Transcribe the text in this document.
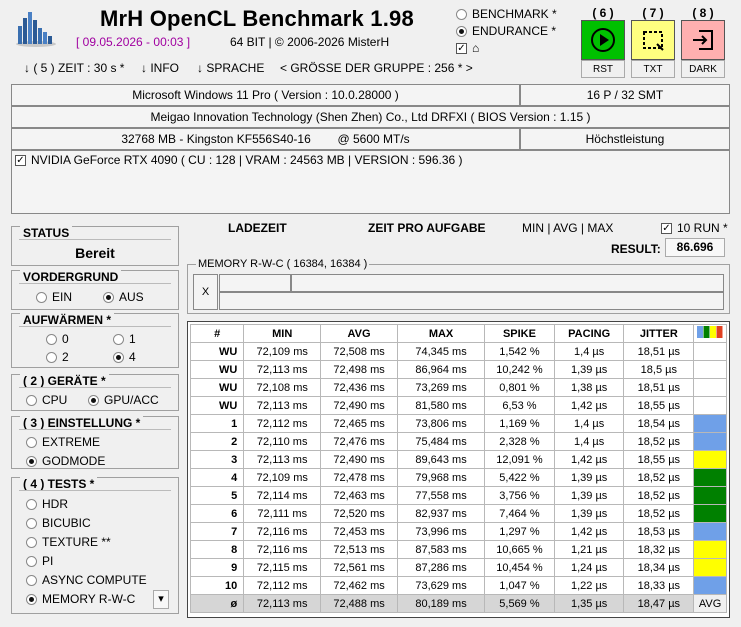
MrH OpenCL Benchmark 1.98
[ 09.05.2026 - 00:03 ]	64 BIT | © 2006-2026 MisterH
BENCHMARK *
ENDURANCE *
✓ ⌂
( 6 )	( 7 )	( 8 )
RST	TXT	DARK
↓ ( 5 ) ZEIT : 30 s * ↓ INFO ↓ SPRACHE < GRÖSSE DER GRUPPE : 256 * >
Microsoft Windows 11 Pro ( Version : 10.0.28000 )	16 P / 32 SMT
Meigao Innovation Technology (Shen Zhen) Co., Ltd DRFXI ( BIOS Version : 1.15 )
32768 MB - Kingston KF556S40-16        @ 5600 MT/s	Höchstleistung
✓ NVIDIA GeForce RTX 4090 ( CU : 128 | VRAM : 24563 MB | VERSION : 596.36 )
STATUS
Bereit
VORDERGRUND
EIN	AUS
AUFWÄRMEN *
0	1
2	4
( 2 ) GERÄTE *
CPU	GPU/ACC
( 3 ) EINSTELLUNG *
EXTREME
GODMODE
( 4 ) TESTS *
HDR
BICUBIC
TEXTURE **
PI
ASYNC COMPUTE
MEMORY R-W-C	▾
LADEZEIT	ZEIT PRO AUFGABE	MIN | AVG | MAX	✓ 10 RUN *
RESULT:	86.696
MEMORY R-W-C ( 16384, 16384 )
X
#	MIN	AVG	MAX	SPIKE	PACING	JITTER	
WU	72,109 ms	72,508 ms	74,345 ms	1,542 %	1,4 µs	18,51 µs	
WU	72,113 ms	72,498 ms	86,964 ms	10,242 %	1,39 µs	18,5 µs	
WU	72,108 ms	72,436 ms	73,269 ms	0,801 %	1,38 µs	18,51 µs	
WU	72,113 ms	72,490 ms	81,580 ms	6,53 %	1,42 µs	18,55 µs	
1	72,112 ms	72,465 ms	73,806 ms	1,169 %	1,4 µs	18,54 µs	
2	72,110 ms	72,476 ms	75,484 ms	2,328 %	1,4 µs	18,52 µs	
3	72,113 ms	72,490 ms	89,643 ms	12,091 %	1,42 µs	18,55 µs	
4	72,109 ms	72,478 ms	79,968 ms	5,422 %	1,39 µs	18,52 µs	
5	72,114 ms	72,463 ms	77,558 ms	3,756 %	1,39 µs	18,52 µs	
6	72,111 ms	72,520 ms	82,937 ms	7,464 %	1,39 µs	18,52 µs	
7	72,116 ms	72,453 ms	73,996 ms	1,297 %	1,42 µs	18,53 µs	
8	72,116 ms	72,513 ms	87,583 ms	10,665 %	1,21 µs	18,32 µs	
9	72,115 ms	72,561 ms	87,286 ms	10,454 %	1,24 µs	18,34 µs	
10	72,112 ms	72,462 ms	73,629 ms	1,047 %	1,22 µs	18,33 µs	
ø	72,113 ms	72,488 ms	80,189 ms	5,569 %	1,35 µs	18,47 µs	AVG
